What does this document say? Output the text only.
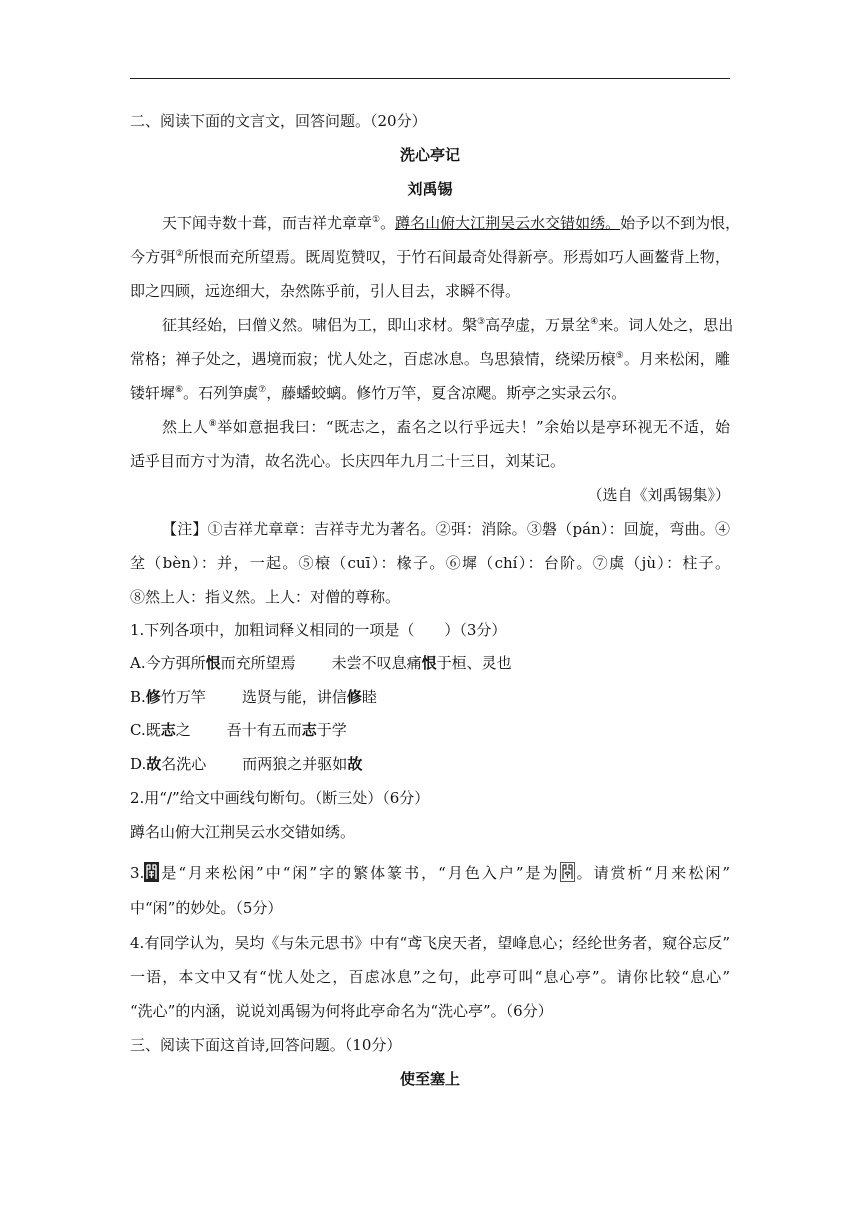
二、阅读下面的文言文，回答问题。（20分）
洗心亭记
刘禹锡
天下闻寺数十葺，而吉祥尤章章①。蹲名山俯大江荆吴云水交错如绣。始予以不到为恨，
今方弭②所恨而充所望焉。既周览赞叹，于竹石间最奇处得新亭。形焉如巧人画鳌背上物，
即之四顾，远迩细大，杂然陈乎前，引人目去，求瞬不得。
征其经始，曰僧义然。啸侣为工，即山求材。槃③高孕虚，万景坌④来。词人处之，思出
常格；禅子处之，遇境而寂；忧人处之，百虑冰息。鸟思猿情，绕梁历榱⑤。月来松闲，雕
镂轩墀⑥。石列笋虡⑦，藤蟠蛟螭。修竹万竿，夏含凉飔。斯亭之实录云尔。
然上人⑧举如意挹我曰：“既志之，盍名之以行乎远夫！”余始以是亭环视无不适，始
适乎目而方寸为清，故名洗心。长庆四年九月二十三日，刘某记。
（选自《刘禹锡集》）
【注】①吉祥尤章章：吉祥寺尤为著名。②弭：消除。③磐（pán）：回旋，弯曲。④
坌（bèn）：并，一起。⑤榱（cuī）：椽子。⑥墀（chí）：台阶。⑦虡（jù）：柱子。
⑧然上人：指义然。上人：对僧的尊称。
1.下列各项中，加粗词释义相同的一项是（　　）（3分）
A.今方弭所恨而充所望焉 未尝不叹息痛恨于桓、灵也
B.修竹万竿 选贤与能，讲信修睦
C.既志之 吾十有五而志于学
D.故名洗心 而两狼之并驱如故
2.用“/”给文中画线句断句。（断三处）（6分）
蹲名山俯大江荆吴云水交错如绣。
3. 是“月来松闲”中“闲”字的繁体篆书，“月色入户”是为 。请赏析“月来松闲”
中“闲”的妙处。（5分）
4.有同学认为，吴均《与朱元思书》中有“鸢飞戾天者，望峰息心；经纶世务者，窥谷忘反”
一语，本文中又有“忧人处之，百虑冰息”之句，此亭可叫“息心亭”。请你比较“息心”
“洗心”的内涵，说说刘禹锡为何将此亭命名为“洗心亭”。（6分）
三、阅读下面这首诗,回答问题。（10分）
使至塞上
